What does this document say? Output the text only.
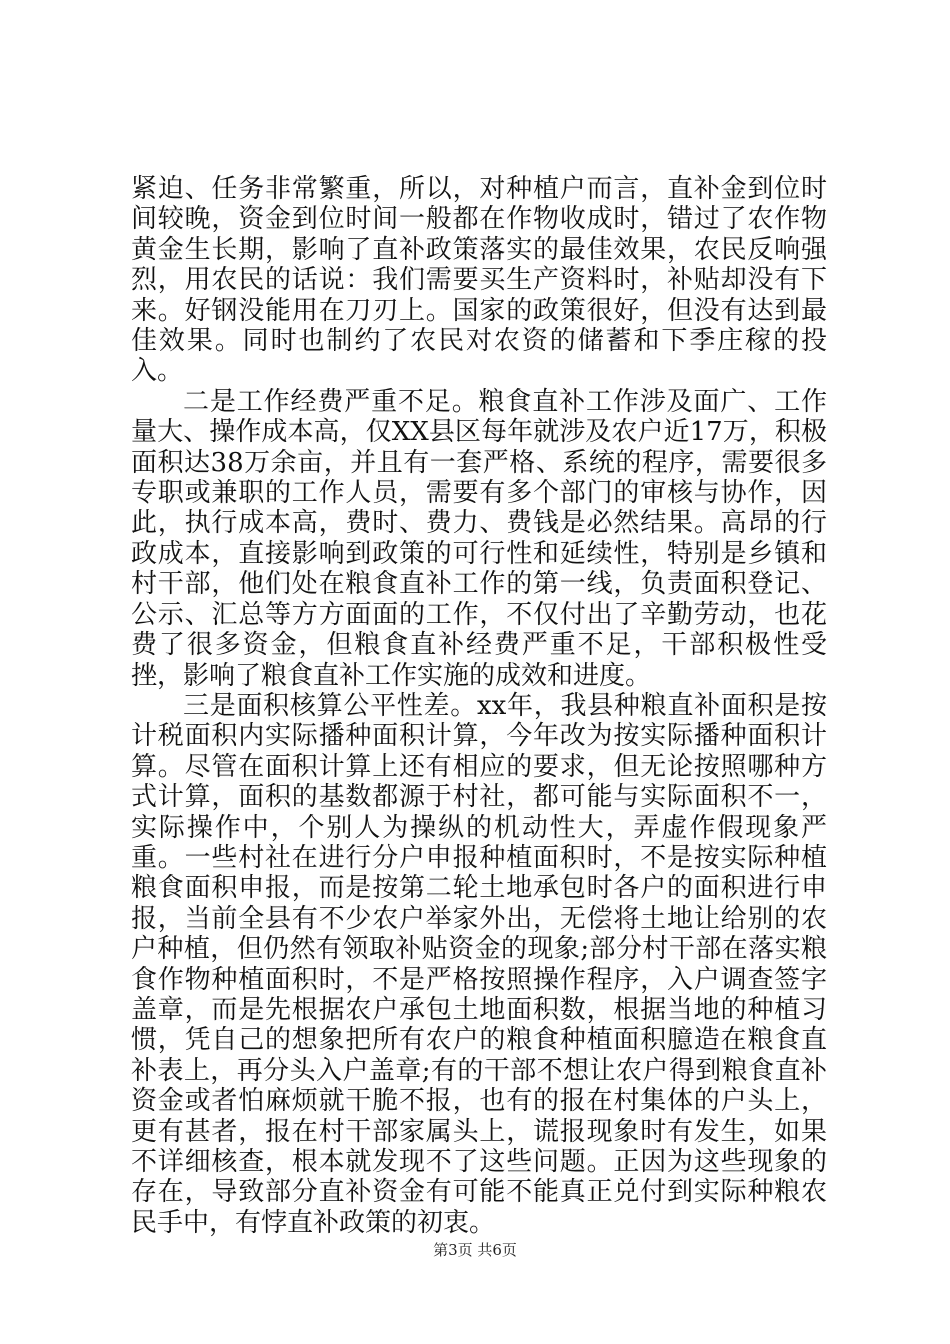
紧迫、任务非常繁重，所以，对种植户而言，直补金到位时间较晚，资金到位时间一般都在作物收成时，错过了农作物黄金生长期，影响了直补政策落实的最佳效果，农民反响强烈，用农民的话说：我们需要买生产资料时，补贴却没有下来。好钢没能用在刀刃上。国家的政策很好，但没有达到最佳效果。同时也制约了农民对农资的储蓄和下季庄稼的投入。

二是工作经费严重不足。粮食直补工作涉及面广、工作量大、操作成本高，仅XX县区每年就涉及农户近17万，积极面积达38万余亩，并且有一套严格、系统的程序，需要很多专职或兼职的工作人员，需要有多个部门的审核与协作，因此，执行成本高，费时、费力、费钱是必然结果。高昂的行政成本，直接影响到政策的可行性和延续性，特别是乡镇和村干部，他们处在粮食直补工作的第一线，负责面积登记、公示、汇总等方方面面的工作，不仅付出了辛勤劳动，也花费了很多资金，但粮食直补经费严重不足，干部积极性受挫，影响了粮食直补工作实施的成效和进度。

三是面积核算公平性差。xx年，我县种粮直补面积是按计税面积内实际播种面积计算，今年改为按实际播种面积计算。尽管在面积计算上还有相应的要求，但无论按照哪种方式计算，面积的基数都源于村社，都可能与实际面积不一，实际操作中，个别人为操纵的机动性大，弄虚作假现象严重。一些村社在进行分户申报种植面积时，不是按实际种植粮食面积申报，而是按第二轮土地承包时各户的面积进行申报，当前全县有不少农户举家外出，无偿将土地让给别的农户种植，但仍然有领取补贴资金的现象;部分村干部在落实粮食作物种植面积时，不是严格按照操作程序，入户调查签字盖章，而是先根据农户承包土地面积数，根据当地的种植习惯，凭自己的想象把所有农户的粮食种植面积臆造在粮食直补表上，再分头入户盖章;有的干部不想让农户得到粮食直补资金或者怕麻烦就干脆不报，也有的报在村集体的户头上，更有甚者，报在村干部家属头上，谎报现象时有发生，如果不详细核查，根本就发现不了这些问题。正因为这些现象的存在，导致部分直补资金有可能不能真正兑付到实际种粮农民手中，有悖直补政策的初衷。

第3页 共6页
